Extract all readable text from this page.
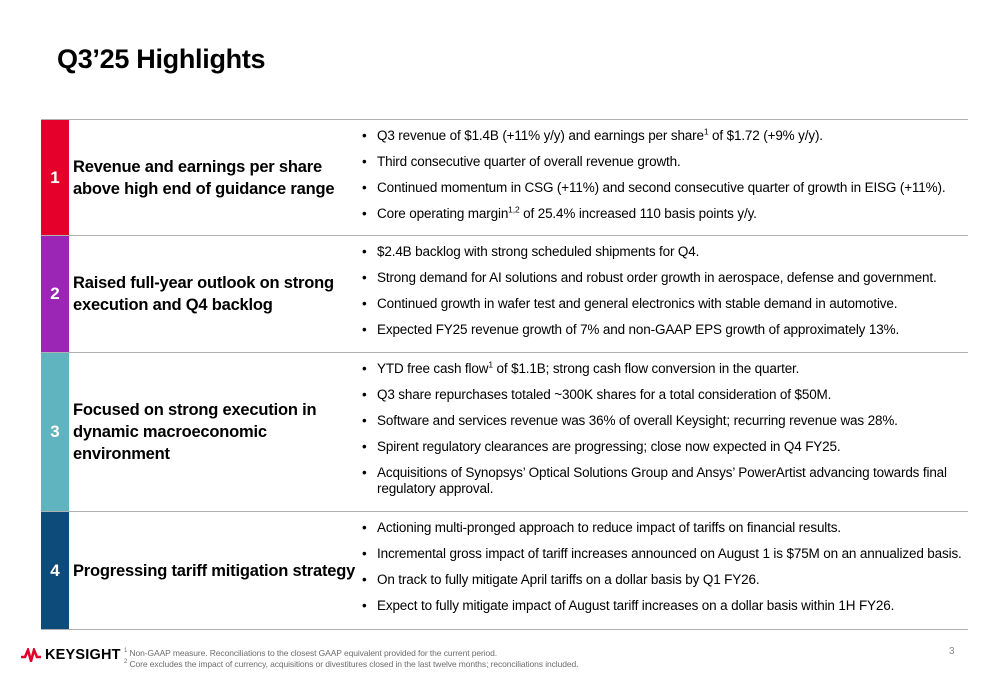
Q3’25 Highlights
1
Revenue and earnings per share above high end of guidance range
• Q3 revenue of $1.4B (+11% y/y) and earnings per share$^1$ of $1.72 (+9% y/y).
• Third consecutive quarter of overall revenue growth.
• Continued momentum in CSG (+11%) and second consecutive quarter of growth in EISG (+11%).
• Core operating margin$^{1,2}$ of 25.4% increased 110 basis points y/y.
2
Raised full-year outlook on strong execution and Q4 backlog
• $2.4B backlog with strong scheduled shipments for Q4.
• Strong demand for AI solutions and robust order growth in aerospace, defense and government.
• Continued growth in wafer test and general electronics with stable demand in automotive.
• Expected FY25 revenue growth of 7% and non-GAAP EPS growth of approximately 13%.
3
Focused on strong execution in dynamic macroeconomic environment
• YTD free cash flow$^1$ of $1.1B; strong cash flow conversion in the quarter.
• Q3 share repurchases totaled ~300K shares for a total consideration of $50M.
• Software and services revenue was 36% of overall Keysight; recurring revenue was 28%.
• Spirent regulatory clearances are progressing; close now expected in Q4 FY25.
• Acquisitions of Synopsys’ Optical Solutions Group and Ansys’ PowerArtist advancing towards final regulatory approval.
4 Progressing tariff mitigation strategy
• Actioning multi-pronged approach to reduce impact of tariffs on financial results.
• Incremental gross impact of tariff increases announced on August 1 is $75M on an annualized basis.
• On track to fully mitigate April tariffs on a dollar basis by Q1 FY26.
• Expect to fully mitigate impact of August tariff increases on a dollar basis within 1H FY26.
KEYSIGHT $^1$ Non-GAAP measure. Reconciliations to the closest GAAP equivalent provided for the current period.
$^2$ Core excludes the impact of currency, acquisitions or divestitures closed in the last twelve months; reconciliations included.
3
